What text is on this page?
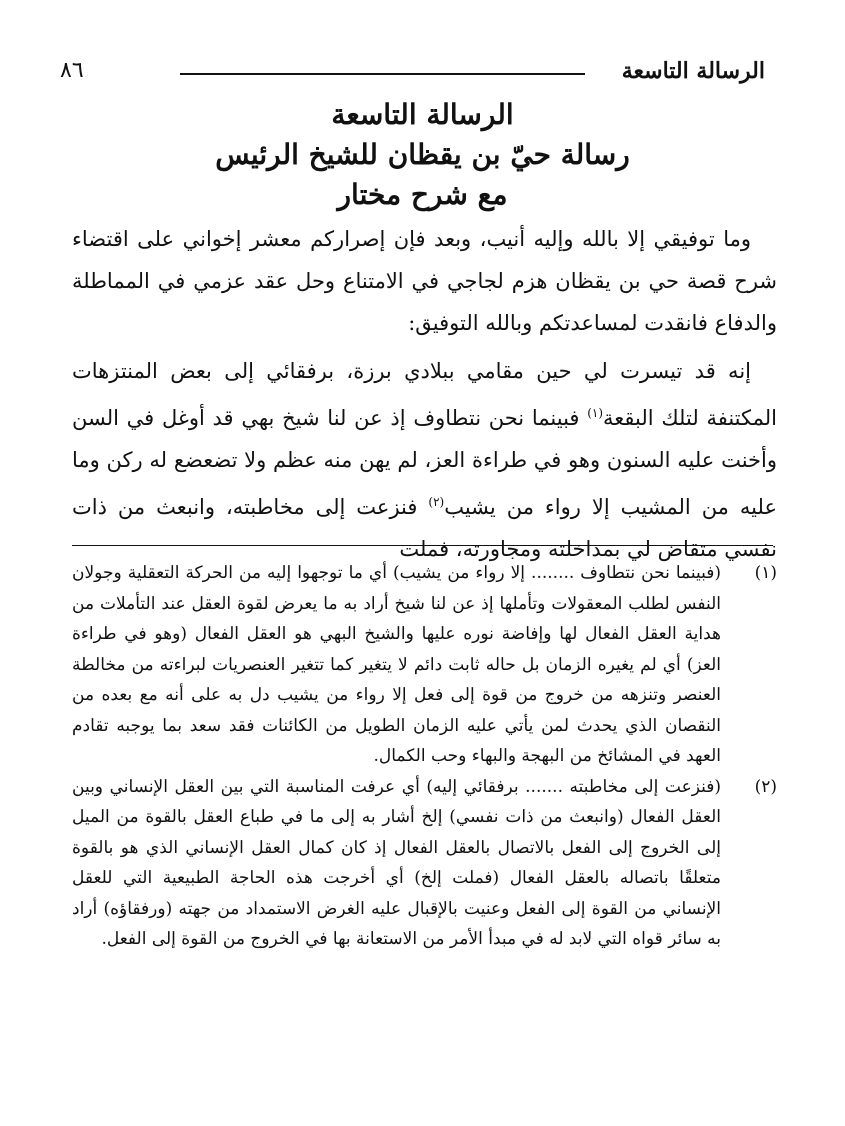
الرسالة التاسعة
٨٦
الرسالة التاسعة
رسالة حيّ بن يقظان للشيخ الرئيس
مع شرح مختار

وما توفيقي إلا بالله وإليه أنيب، وبعد فإن إصراركم معشر إخواني على اقتضاء شرح قصة حي بن يقظان هزم لجاجي في الامتناع وحل عقد عزمي في المماطلة والدفاع فانقدت لمساعدتكم وبالله التوفيق:

إنه قد تيسرت لي حين مقامي ببلادي برزة، برفقائي إلى بعض المنتزهات المكتنفة لتلك البقعة$^{(١)}$ فبينما نحن نتطاوف إذ عن لنا شيخ بهي قد أوغل في السن وأخنت عليه السنون وهو في طراءة العز، لم يهن منه عظم ولا تضعضع له ركن وما عليه من المشيب إلا رواء من يشيب$^{(٢)}$ فنزعت إلى مخاطبته، وانبعث من ذات نفسي متقاض لي بمداخلته ومجاورته، فملت

(١)
(فبينما نحن نتطاوف ........ إلا رواء من يشيب) أي ما توجهوا إليه من الحركة التعقلية وجولان النفس لطلب المعقولات وتأملها إذ عن لنا شيخ أراد به ما يعرض لقوة العقل عند التأملات من هداية العقل الفعال لها وإفاضة نوره عليها والشيخ البهي هو العقل الفعال (وهو في طراءة العز) أي لم يغيره الزمان بل حاله ثابت دائم لا يتغير كما تتغير العنصريات لبراءته من مخالطة العنصر وتنزهه من خروج من قوة إلى فعل إلا رواء من يشيب دل به على أنه مع بعده من النقصان الذي يحدث لمن يأتي عليه الزمان الطويل من الكائنات فقد سعد بما يوجبه تقادم العهد في المشائخ من البهجة والبهاء وحب الكمال.

(٢)
(فنزعت إلى مخاطبته ....... برفقائي إليه) أي عرفت المناسبة التي بين العقل الإنساني وبين العقل الفعال (وانبعث من ذات نفسي) إلخ أشار به إلى ما في طباع العقل بالقوة من الميل إلى الخروج إلى الفعل بالاتصال بالعقل الفعال إذ كان كمال العقل الإنساني الذي هو بالقوة متعلقًا باتصاله بالعقل الفعال (فملت إلخ) أي أخرجت هذه الحاجة الطبيعية التي للعقل الإنساني من القوة إلى الفعل وعنيت بالإقبال عليه الغرض الاستمداد من جهته (ورفقاؤه) أراد به سائر قواه التي لابد له في مبدأ الأمر من الاستعانة بها في الخروج من القوة إلى الفعل.
